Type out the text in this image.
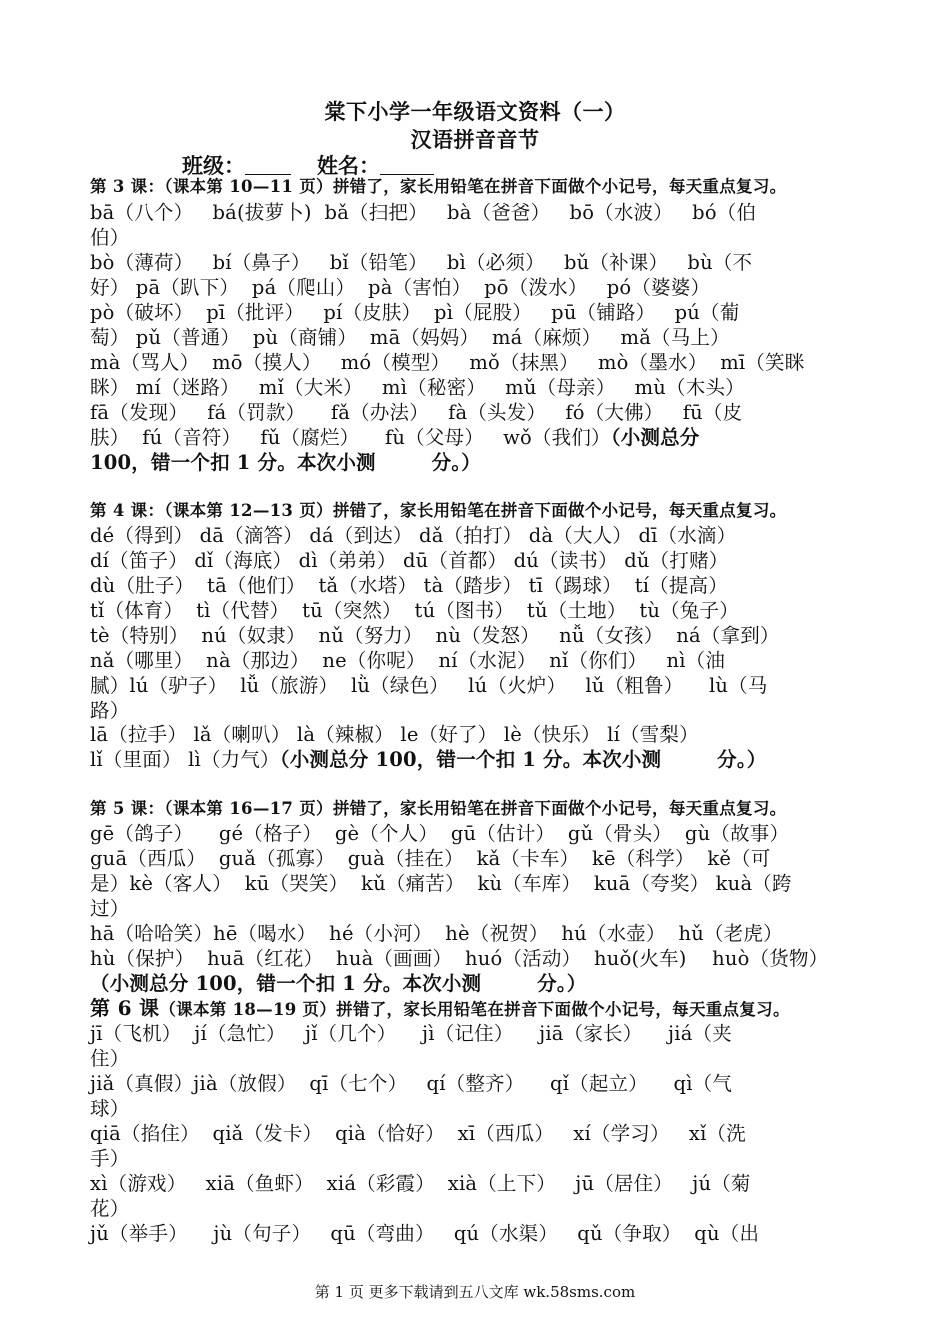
棠下小学一年级语文资料（一）
汉语拼音音节
班级：	姓名：
第 3 课：（课本第 10—11 页）拼错了，家长用铅笔在拼音下面做个小记号，每天重点复习。
bā（八个）   bá(拔萝卜)  bǎ（扫把）   bà（爸爸）   bō（水波）   bó（伯
伯）
bò（薄荷）   bí（鼻子）   bǐ（铅笔）   bì（必须）   bǔ（补课）   bù（不
好） pā（趴下）  pá（爬山）  pà（害怕）  pō（泼水）   pó（婆婆）
pò（破坏）  pī（批评）   pí（皮肤）  pì（屁股）   pū（铺路）   pú（葡
萄） pǔ（普通）  pù（商铺）  mā（妈妈）  má（麻烦）   mǎ（马上）
mà（骂人）  mō（摸人）   mó（模型）   mǒ（抹黑）   mò（墨水）  mī（笑眯
眯） mí（迷路）   mǐ（大米）   mì（秘密）   mǔ（母亲）   mù（木头）
fā（发现）   fá（罚款）    fǎ（办法）   fà（头发）   fó（大佛）   fū（皮
肤）  fú（音符）   fǔ（腐烂）    fù（父母）   wǒ（我们）（小测总分
100，错一个扣 1 分。本次小测        分。）
第 4 课：（课本第 12—13 页）拼错了，家长用铅笔在拼音下面做个小记号，每天重点复习。
dé（得到） dā（滴答） dá（到达） dǎ（拍打） dà（大人） dī（水滴）
dí（笛子） dǐ（海底） dì（弟弟） dū（首都） dú（读书） dǔ（打赌）
dù（肚子）  tā（他们）  tǎ（水塔） tà（踏步） tī（踢球）  tí（提高）
tǐ（体育）  tì（代替）  tū（突然）  tú（图书）  tǔ（土地）  tù（兔子）
tè（特别）  nú（奴隶）  nǔ（努力）  nù（发怒）   nǚ（女孩）  ná（拿到）
nǎ（哪里）  nà（那边）  ne（你呢）  ní（水泥）  nǐ（你们）   nì（油
腻）lú（驴子）  lǚ（旅游）  lǜ（绿色）   lú（火炉）   lǔ（粗鲁）    lù（马
路）
lā（拉手） lǎ（喇叭） là（辣椒） le（好了） lè（快乐） lí（雪梨）
lǐ（里面） lì（力气）（小测总分 100，错一个扣 1 分。本次小测        分。）
第 5 课：（课本第 16—17 页）拼错了，家长用铅笔在拼音下面做个小记号，每天重点复习。
gē（鸽子）    gé（格子）  gè（个人）  gū（估计）  gǔ（骨头）  gù（故事）
guā（西瓜）  guǎ（孤寡）  guà（挂在）  kǎ（卡车）  kē（科学）  kě（可
是）kè（客人）  kū（哭笑）  kǔ（痛苦）  kù（车库）  kuā（夸奖） kuà（跨
过）
hā（哈哈笑）hē（喝水）  hé（小河）  hè（祝贺）  hú（水壶）  hǔ（老虎）
hù（保护）  huā（红花）  huà（画画）  huó（活动）  huǒ(火车)    huò（货物）
（小测总分 100，错一个扣 1 分。本次小测        分。）
第 6 课（课本第 18—19 页）拼错了，家长用铅笔在拼音下面做个小记号，每天重点复习。
jī（飞机）  jí（急忙）   jǐ（几个）    jì（记住）    jiā（家长）    jiá（夹
住）
jiǎ（真假）jià（放假）  qī（七个）   qí（整齐）    qǐ（起立）    qì（气
球）
qiā（掐住）  qiǎ（发卡）  qià（恰好）  xī（西瓜）   xí（学习）   xǐ（洗
手）
xì（游戏）   xiā（鱼虾）  xiá（彩霞）  xià（上下）   jū（居住）   jú（菊
花）
jǔ（举手）    jù（句子）   qū（弯曲）   qú（水渠）   qǔ（争取）  qù（出
第 1 页 更多下载请到五八文库 wk.58sms.com
